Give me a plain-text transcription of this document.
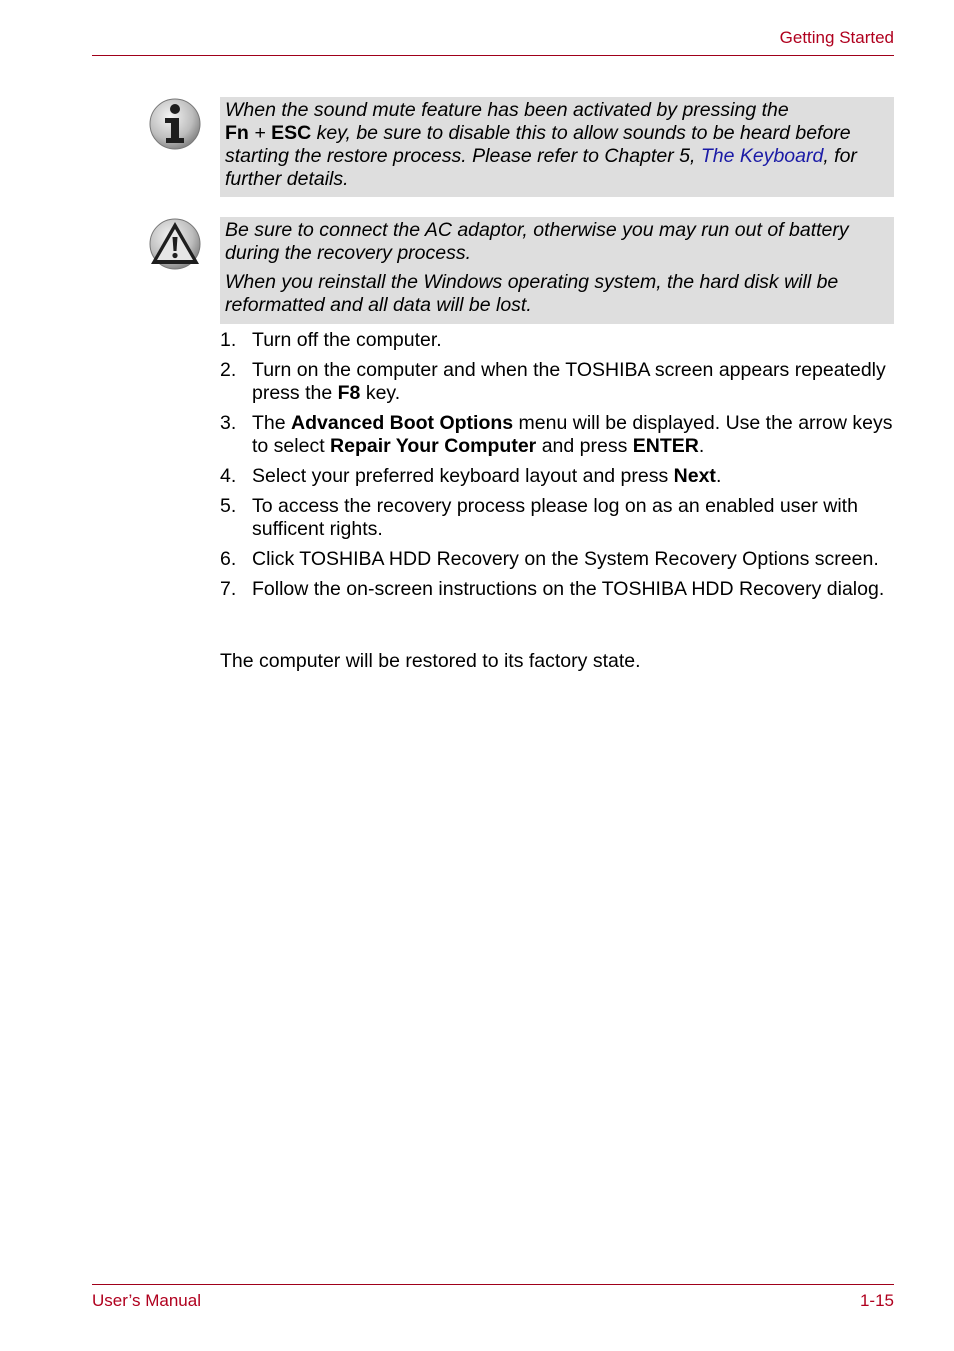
Getting Started

When the sound mute feature has been activated by pressing the
Fn + ESC key, be sure to disable this to allow sounds to be heard before starting the restore process. Please refer to Chapter 5, The Keyboard, for further details.

Be sure to connect the AC adaptor, otherwise you may run out of battery during the recovery process.

When you reinstall the Windows operating system, the hard disk will be reformatted and all data will be lost.

1. Turn off the computer.
2. Turn on the computer and when the TOSHIBA screen appears repeatedly press the F8 key.
3. The Advanced Boot Options menu will be displayed. Use the arrow keys to select Repair Your Computer and press ENTER.
4. Select your preferred keyboard layout and press Next.
5. To access the recovery process please log on as an enabled user with sufficent rights.
6. Click TOSHIBA HDD Recovery on the System Recovery Options screen.
7. Follow the on-screen instructions on the TOSHIBA HDD Recovery dialog.

The computer will be restored to its factory state.

User’s Manual	1-15
